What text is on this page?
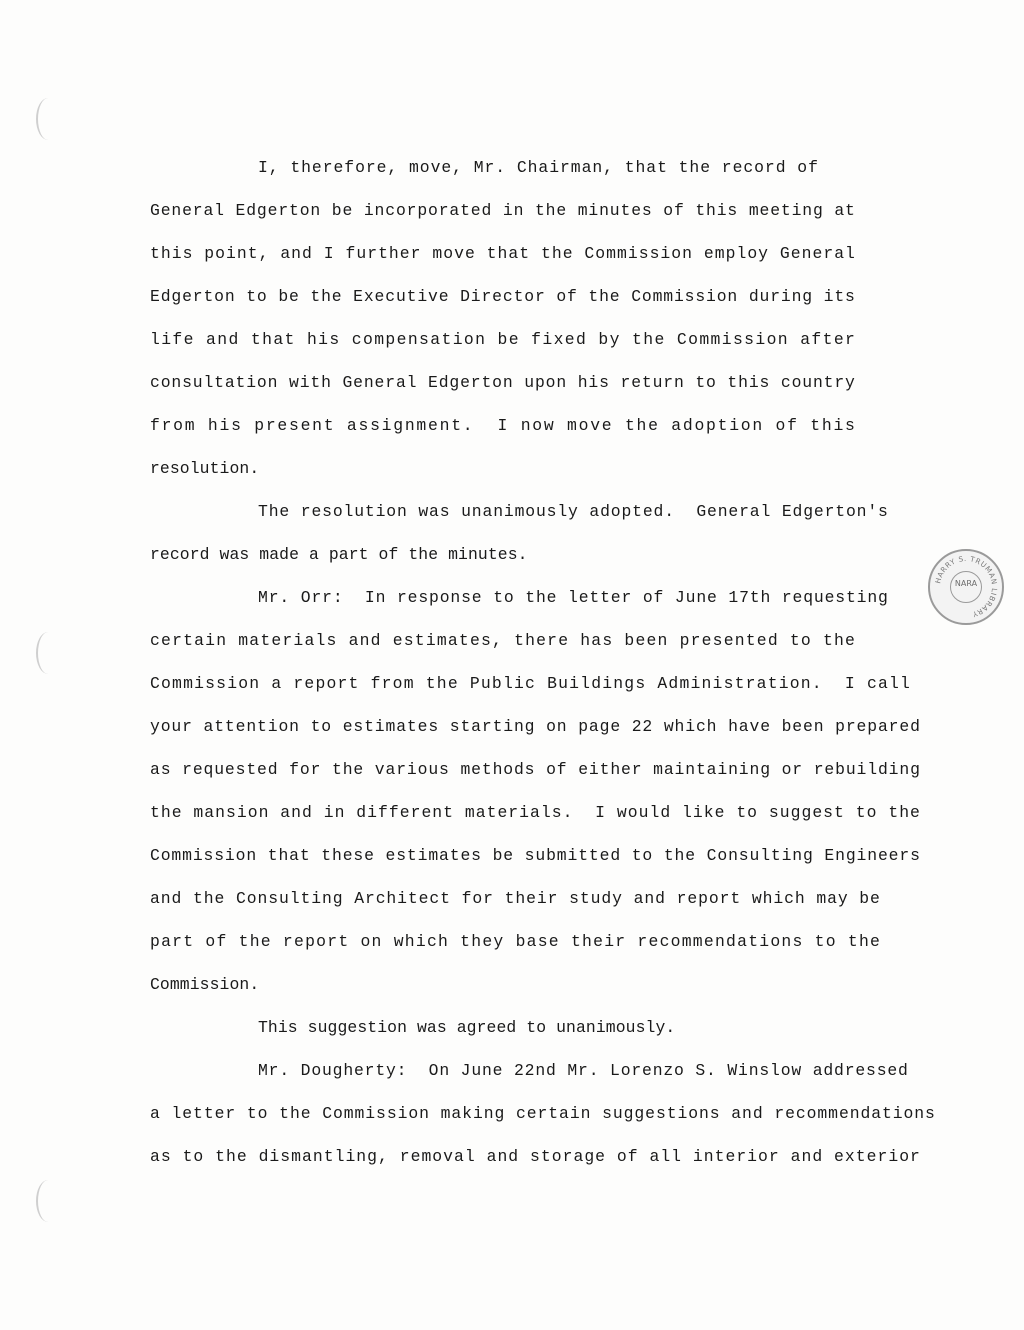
I, therefore, move, Mr. Chairman, that the record of
General Edgerton be incorporated in the minutes of this meeting at
this point, and I further move that the Commission employ General
Edgerton to be the Executive Director of the Commission during its
life and that his compensation be fixed by the Commission after
consultation with General Edgerton upon his return to this country
from his present assignment.  I now move the adoption of this
resolution.
The resolution was unanimously adopted.  General Edgerton's
record was made a part of the minutes.
Mr. Orr:  In response to the letter of June 17th requesting
certain materials and estimates, there has been presented to the
Commission a report from the Public Buildings Administration.  I call
your attention to estimates starting on page 22 which have been prepared
as requested for the various methods of either maintaining or rebuilding
the mansion and in different materials.  I would like to suggest to the
Commission that these estimates be submitted to the Consulting Engineers
and the Consulting Architect for their study and report which may be
part of the report on which they base their recommendations to the
Commission.
This suggestion was agreed to unanimously.
Mr. Dougherty:  On June 22nd Mr. Lorenzo S. Winslow addressed
a letter to the Commission making certain suggestions and recommendations
as to the dismantling, removal and storage of all interior and exterior
HARRY S. TRUMAN LIBRARY
NARA
